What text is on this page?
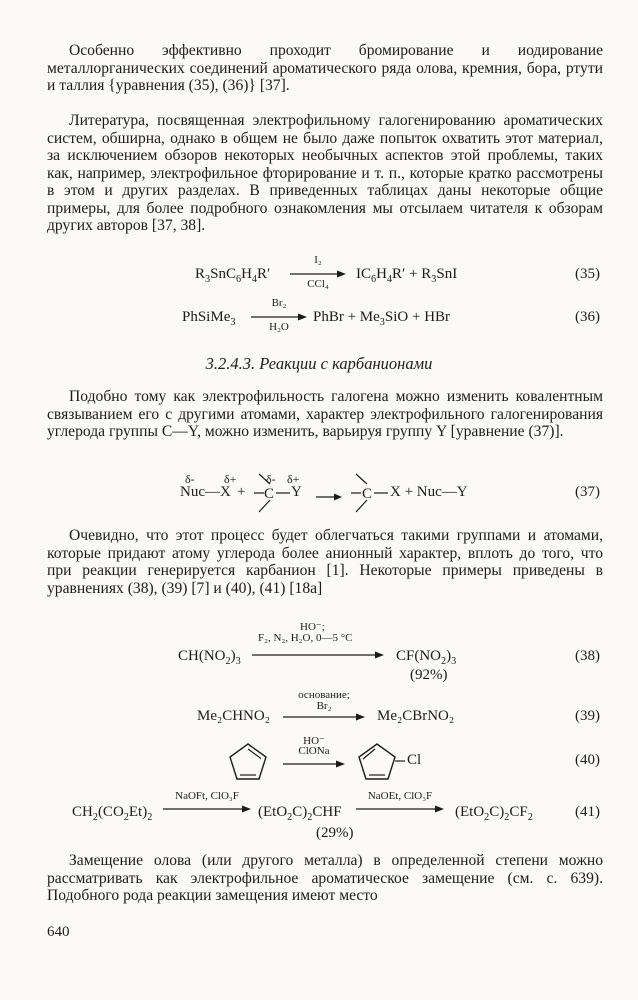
Особенно эффективно проходит бромирование и иодирование металлорганических соединений ароматического ряда олова, кремния, бора, ртути и таллия {уравнения (35), (36)} [37].

Литература, посвященная электрофильному галогенированию ароматических систем, обширна, однако в общем не было даже попыток охватить этот материал, за исключением обзоров некоторых необычных аспектов этой проблемы, таких как, например, электрофильное фторирование и т. п., которые кратко рассмотрены в этом и других разделах. В приведенных таблицах даны некоторые общие примеры, для более подробного ознакомления мы отсылаем читателя к обзорам других авторов [37, 38].

$R_3SnC_6H_4R'$
I₂
CCl₄
$IC_6H_4R' + R_3SnI$	(35)
PhSiMe$_3$
Br₂
H₂O
PhBr + $Me_3SiO$ + HBr	(36)

3.2.4.3. Реакции с карбанионами

Подобно тому как электрофильность галогена можно изменить ковалентным связыванием его с другими атомами, характер электрофильного галогенирования углерода группы C—Y, можно изменить, варьируя группу Y [уравнение (37)].

δ- δ+ δ- δ+
Nuc—X + C Y	C X + Nuc—Y	(37)

Очевидно, что этот процесс будет облегчаться такими группами и атомами, которые придают атому углерода более анионный характер, вплоть до того, что при реакции генерируется карбанион [1]. Некоторые примеры приведены в уравнениях (38), (39) [7] и (40), (41) [18a]

HO⁻;
F₂, N₂, H₂O, 0—5 °C
$CH(NO_2)_3$	$CF(NO_2)_3$
(92%)
(38)
Me₂CHNO₂
основание;
Br₂
Me₂CBrNO₂	(39)
HO⁻
ClONa
Cl	(40)
$CH_2(CO_2Et)_2$
NaOFt, ClO₃F
$(EtO_2C)_2CHF$
(29%)
NaOEt, ClO₃F
$(EtO_2C)_2CF_2$	(41)

Замещение олова (или другого металла) в определенной степени можно рассматривать как электрофильное ароматическое замещение (см. с. 639). Подобного рода реакции замещения имеют место

640
